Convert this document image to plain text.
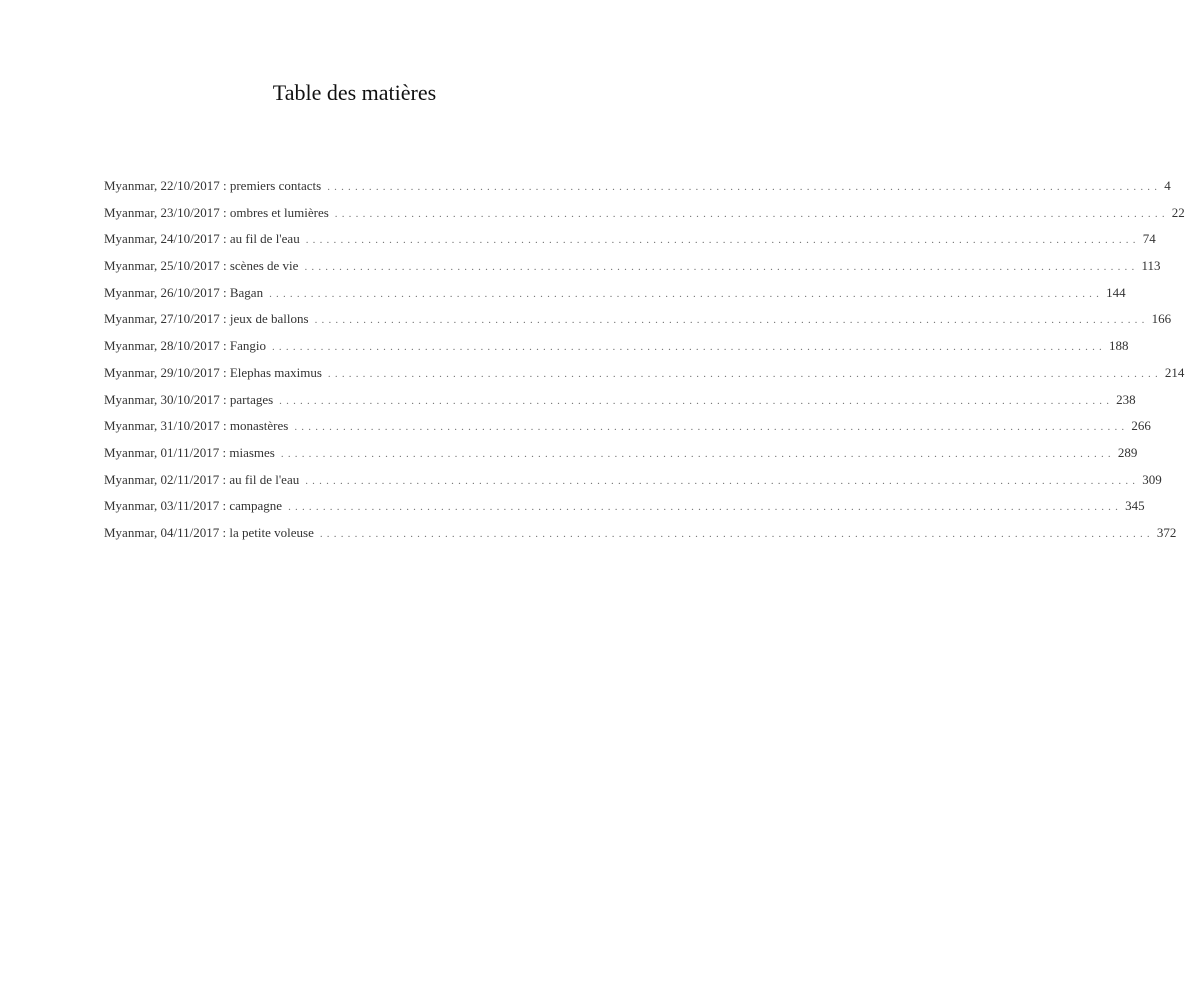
Table des matières
Myanmar, 22/10/2017 : premiers contacts ........................................................................................................................ 4
Myanmar, 23/10/2017 : ombres et lumières ........................................................................................................................ 22
Myanmar, 24/10/2017 : au fil de l'eau ........................................................................................................................ 74
Myanmar, 25/10/2017 : scènes de vie ........................................................................................................................ 113
Myanmar, 26/10/2017 : Bagan ........................................................................................................................ 144
Myanmar, 27/10/2017 : jeux de ballons ........................................................................................................................ 166
Myanmar, 28/10/2017 : Fangio ........................................................................................................................ 188
Myanmar, 29/10/2017 : Elephas maximus ........................................................................................................................ 214
Myanmar, 30/10/2017 : partages ........................................................................................................................ 238
Myanmar, 31/10/2017 : monastères ........................................................................................................................ 266
Myanmar, 01/11/2017 : miasmes ........................................................................................................................ 289
Myanmar, 02/11/2017 : au fil de l'eau ........................................................................................................................ 309
Myanmar, 03/11/2017 : campagne ........................................................................................................................ 345
Myanmar, 04/11/2017 : la petite voleuse ........................................................................................................................ 372
